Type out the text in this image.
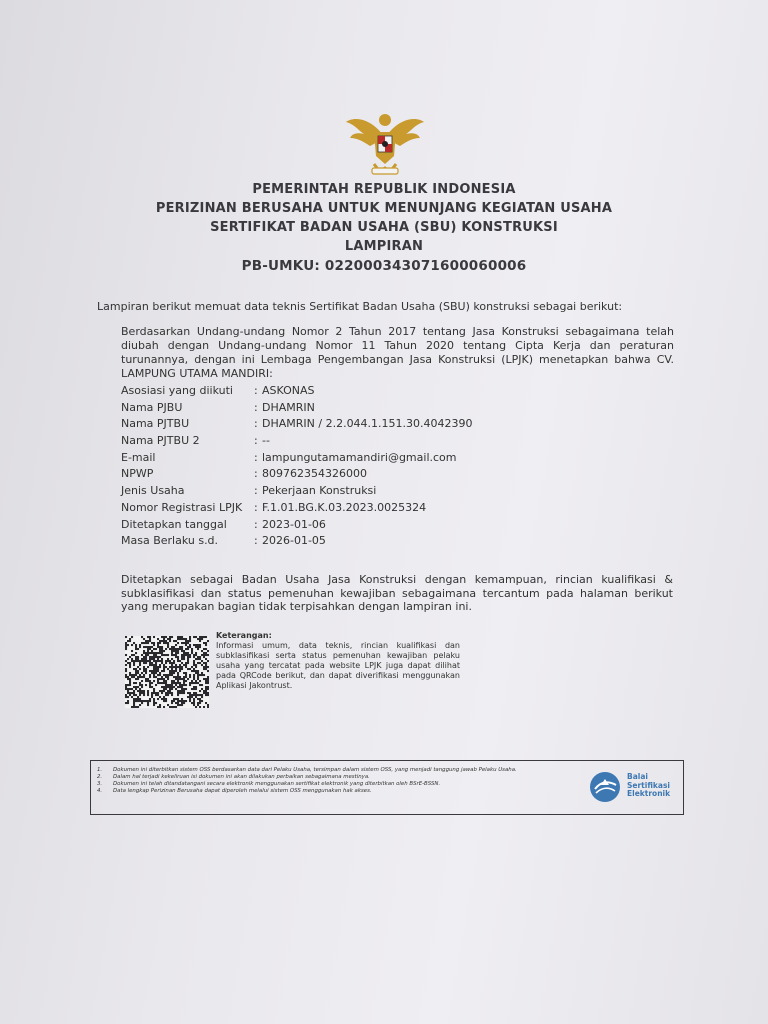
PEMERINTAH REPUBLIK INDONESIA
PERIZINAN BERUSAHA UNTUK MENUNJANG KEGIATAN USAHA
SERTIFIKAT BADAN USAHA (SBU) KONSTRUKSI
LAMPIRAN
PB-UMKU: 022000343071600060006
Lampiran berikut memuat data teknis Sertifikat Badan Usaha (SBU) konstruksi sebagai berikut:
Berdasarkan Undang-undang Nomor 2 Tahun 2017 tentang Jasa Konstruksi sebagaimana telah diubah dengan Undang-undang Nomor 11 Tahun 2020 tentang Cipta Kerja dan peraturan turunannya, dengan ini Lembaga Pengembangan Jasa Konstruksi (LPJK) menetapkan bahwa CV. LAMPUNG UTAMA MANDIRI:
Asosiasi yang diikuti	: ASKONAS
Nama PJBU	: DHAMRIN
Nama PJTBU	: DHAMRIN / 2.2.044.1.151.30.4042390
Nama PJTBU 2	: --
E-mail	: lampungutamamandiri@gmail.com
NPWP	: 809762354326000
Jenis Usaha	: Pekerjaan Konstruksi
Nomor Registrasi LPJK	: F.1.01.BG.K.03.2023.0025324
Ditetapkan tanggal	: 2023-01-06
Masa Berlaku s.d.	: 2026-01-05
Ditetapkan sebagai Badan Usaha Jasa Konstruksi dengan kemampuan, rincian kualifikasi & subklasifikasi dan status pemenuhan kewajiban sebagaimana tercantum pada halaman berikut yang merupakan bagian tidak terpisahkan dengan lampiran ini.
Keterangan:
Informasi umum, data teknis, rincian kualifikasi dan subklasifikasi serta status pemenuhan kewajiban pelaku usaha yang tercatat pada website LPJK juga dapat dilihat pada QRCode berikut, dan dapat diverifikasi menggunakan Aplikasi Jakontrust.
1.	Dokumen ini diterbitkan sistem OSS berdasarkan data dari Pelaku Usaha, tersimpan dalam sistem OSS, yang menjadi tanggung jawab Pelaku Usaha.
2.	Dalam hal terjadi kekeliruan isi dokumen ini akan dilakukan perbaikan sebagaimana mestinya.
3.	Dokumen ini telah ditandatangani secara elektronik menggunakan sertifikat elektronik yang diterbitkan oleh BSrE-BSSN.
4.	Data lengkap Perizinan Berusaha dapat diperoleh melalui sistem OSS menggunakan hak akses.
Balai
Sertifikasi
Elektronik
